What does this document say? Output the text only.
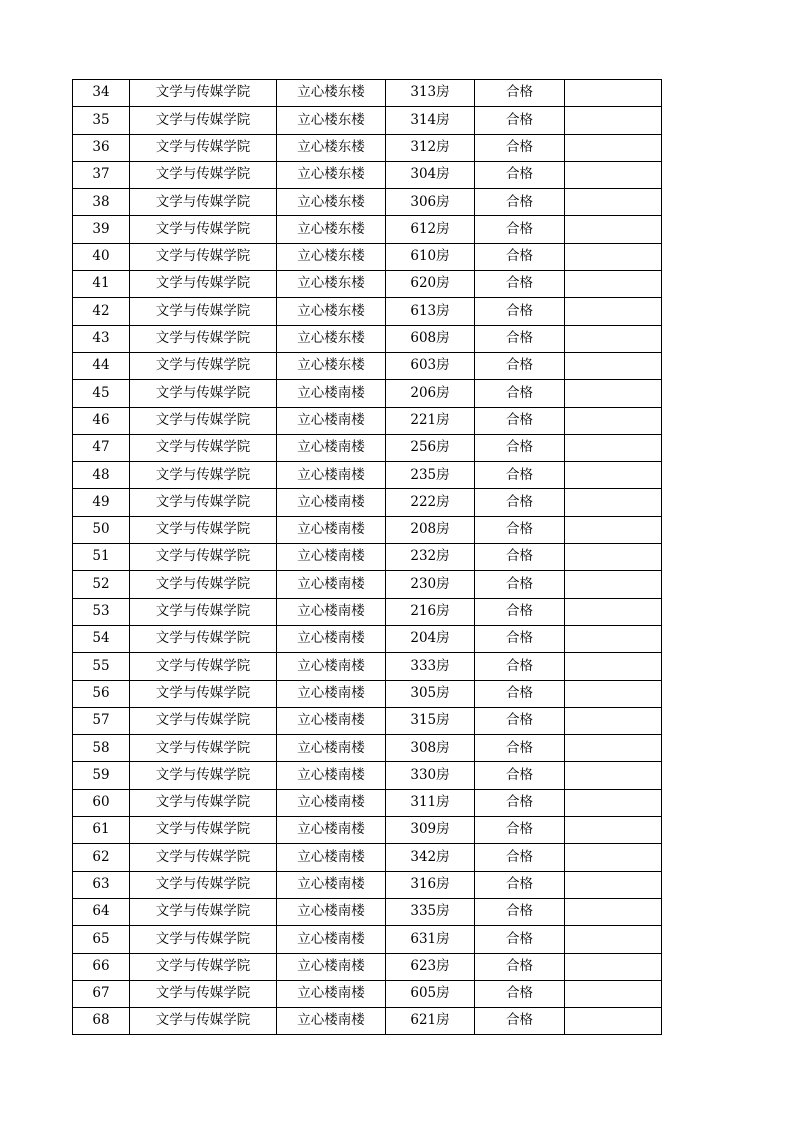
34	文学与传媒学院	立心楼东楼	313房	合格	
35	文学与传媒学院	立心楼东楼	314房	合格	
36	文学与传媒学院	立心楼东楼	312房	合格	
37	文学与传媒学院	立心楼东楼	304房	合格	
38	文学与传媒学院	立心楼东楼	306房	合格	
39	文学与传媒学院	立心楼东楼	612房	合格	
40	文学与传媒学院	立心楼东楼	610房	合格	
41	文学与传媒学院	立心楼东楼	620房	合格	
42	文学与传媒学院	立心楼东楼	613房	合格	
43	文学与传媒学院	立心楼东楼	608房	合格	
44	文学与传媒学院	立心楼东楼	603房	合格	
45	文学与传媒学院	立心楼南楼	206房	合格	
46	文学与传媒学院	立心楼南楼	221房	合格	
47	文学与传媒学院	立心楼南楼	256房	合格	
48	文学与传媒学院	立心楼南楼	235房	合格	
49	文学与传媒学院	立心楼南楼	222房	合格	
50	文学与传媒学院	立心楼南楼	208房	合格	
51	文学与传媒学院	立心楼南楼	232房	合格	
52	文学与传媒学院	立心楼南楼	230房	合格	
53	文学与传媒学院	立心楼南楼	216房	合格	
54	文学与传媒学院	立心楼南楼	204房	合格	
55	文学与传媒学院	立心楼南楼	333房	合格	
56	文学与传媒学院	立心楼南楼	305房	合格	
57	文学与传媒学院	立心楼南楼	315房	合格	
58	文学与传媒学院	立心楼南楼	308房	合格	
59	文学与传媒学院	立心楼南楼	330房	合格	
60	文学与传媒学院	立心楼南楼	311房	合格	
61	文学与传媒学院	立心楼南楼	309房	合格	
62	文学与传媒学院	立心楼南楼	342房	合格	
63	文学与传媒学院	立心楼南楼	316房	合格	
64	文学与传媒学院	立心楼南楼	335房	合格	
65	文学与传媒学院	立心楼南楼	631房	合格	
66	文学与传媒学院	立心楼南楼	623房	合格	
67	文学与传媒学院	立心楼南楼	605房	合格	
68	文学与传媒学院	立心楼南楼	621房	合格	
